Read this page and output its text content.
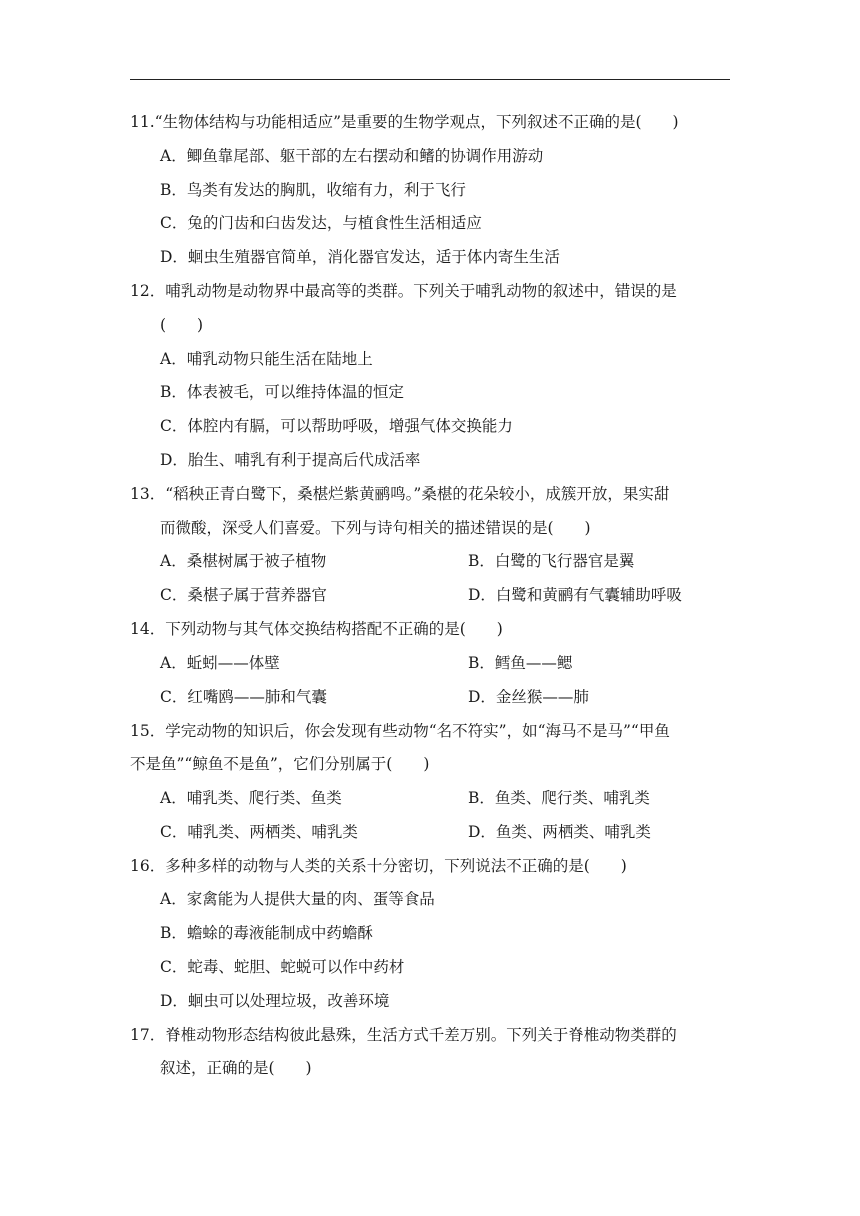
11.“生物体结构与功能相适应”是重要的生物学观点，下列叙述不正确的是(　　)
A．鲫鱼靠尾部、躯干部的左右摆动和鳍的协调作用游动
B．鸟类有发达的胸肌，收缩有力，利于飞行
C．兔的门齿和臼齿发达，与植食性生活相适应
D．蛔虫生殖器官简单，消化器官发达，适于体内寄生生活
12．哺乳动物是动物界中最高等的类群。下列关于哺乳动物的叙述中，错误的是
(　　)
A．哺乳动物只能生活在陆地上
B．体表被毛，可以维持体温的恒定
C．体腔内有膈，可以帮助呼吸，增强气体交换能力
D．胎生、哺乳有利于提高后代成活率
13．“稻秧正青白鹭下，桑椹烂紫黄鹂鸣。”桑椹的花朵较小，成簇开放，果实甜
而微酸，深受人们喜爱。下列与诗句相关的描述错误的是(　　)
A．桑椹树属于被子植物	B．白鹭的飞行器官是翼
C．桑椹子属于营养器官	D．白鹭和黄鹂有气囊辅助呼吸
14．下列动物与其气体交换结构搭配不正确的是(　　)
A．蚯蚓——体壁	B．鳕鱼——鳃
C．红嘴鸥——肺和气囊	D．金丝猴——肺
15．学完动物的知识后，你会发现有些动物“名不符实”，如“海马不是马”“甲鱼
不是鱼”“鲸鱼不是鱼”，它们分别属于(　　)
A．哺乳类、爬行类、鱼类	B．鱼类、爬行类、哺乳类
C．哺乳类、两栖类、哺乳类	D．鱼类、两栖类、哺乳类
16．多种多样的动物与人类的关系十分密切，下列说法不正确的是(　　)
A．家禽能为人提供大量的肉、蛋等食品
B．蟾蜍的毒液能制成中药蟾酥
C．蛇毒、蛇胆、蛇蜕可以作中药材
D．蛔虫可以处理垃圾，改善环境
17．脊椎动物形态结构彼此悬殊，生活方式千差万别。下列关于脊椎动物类群的
叙述，正确的是(　　)
